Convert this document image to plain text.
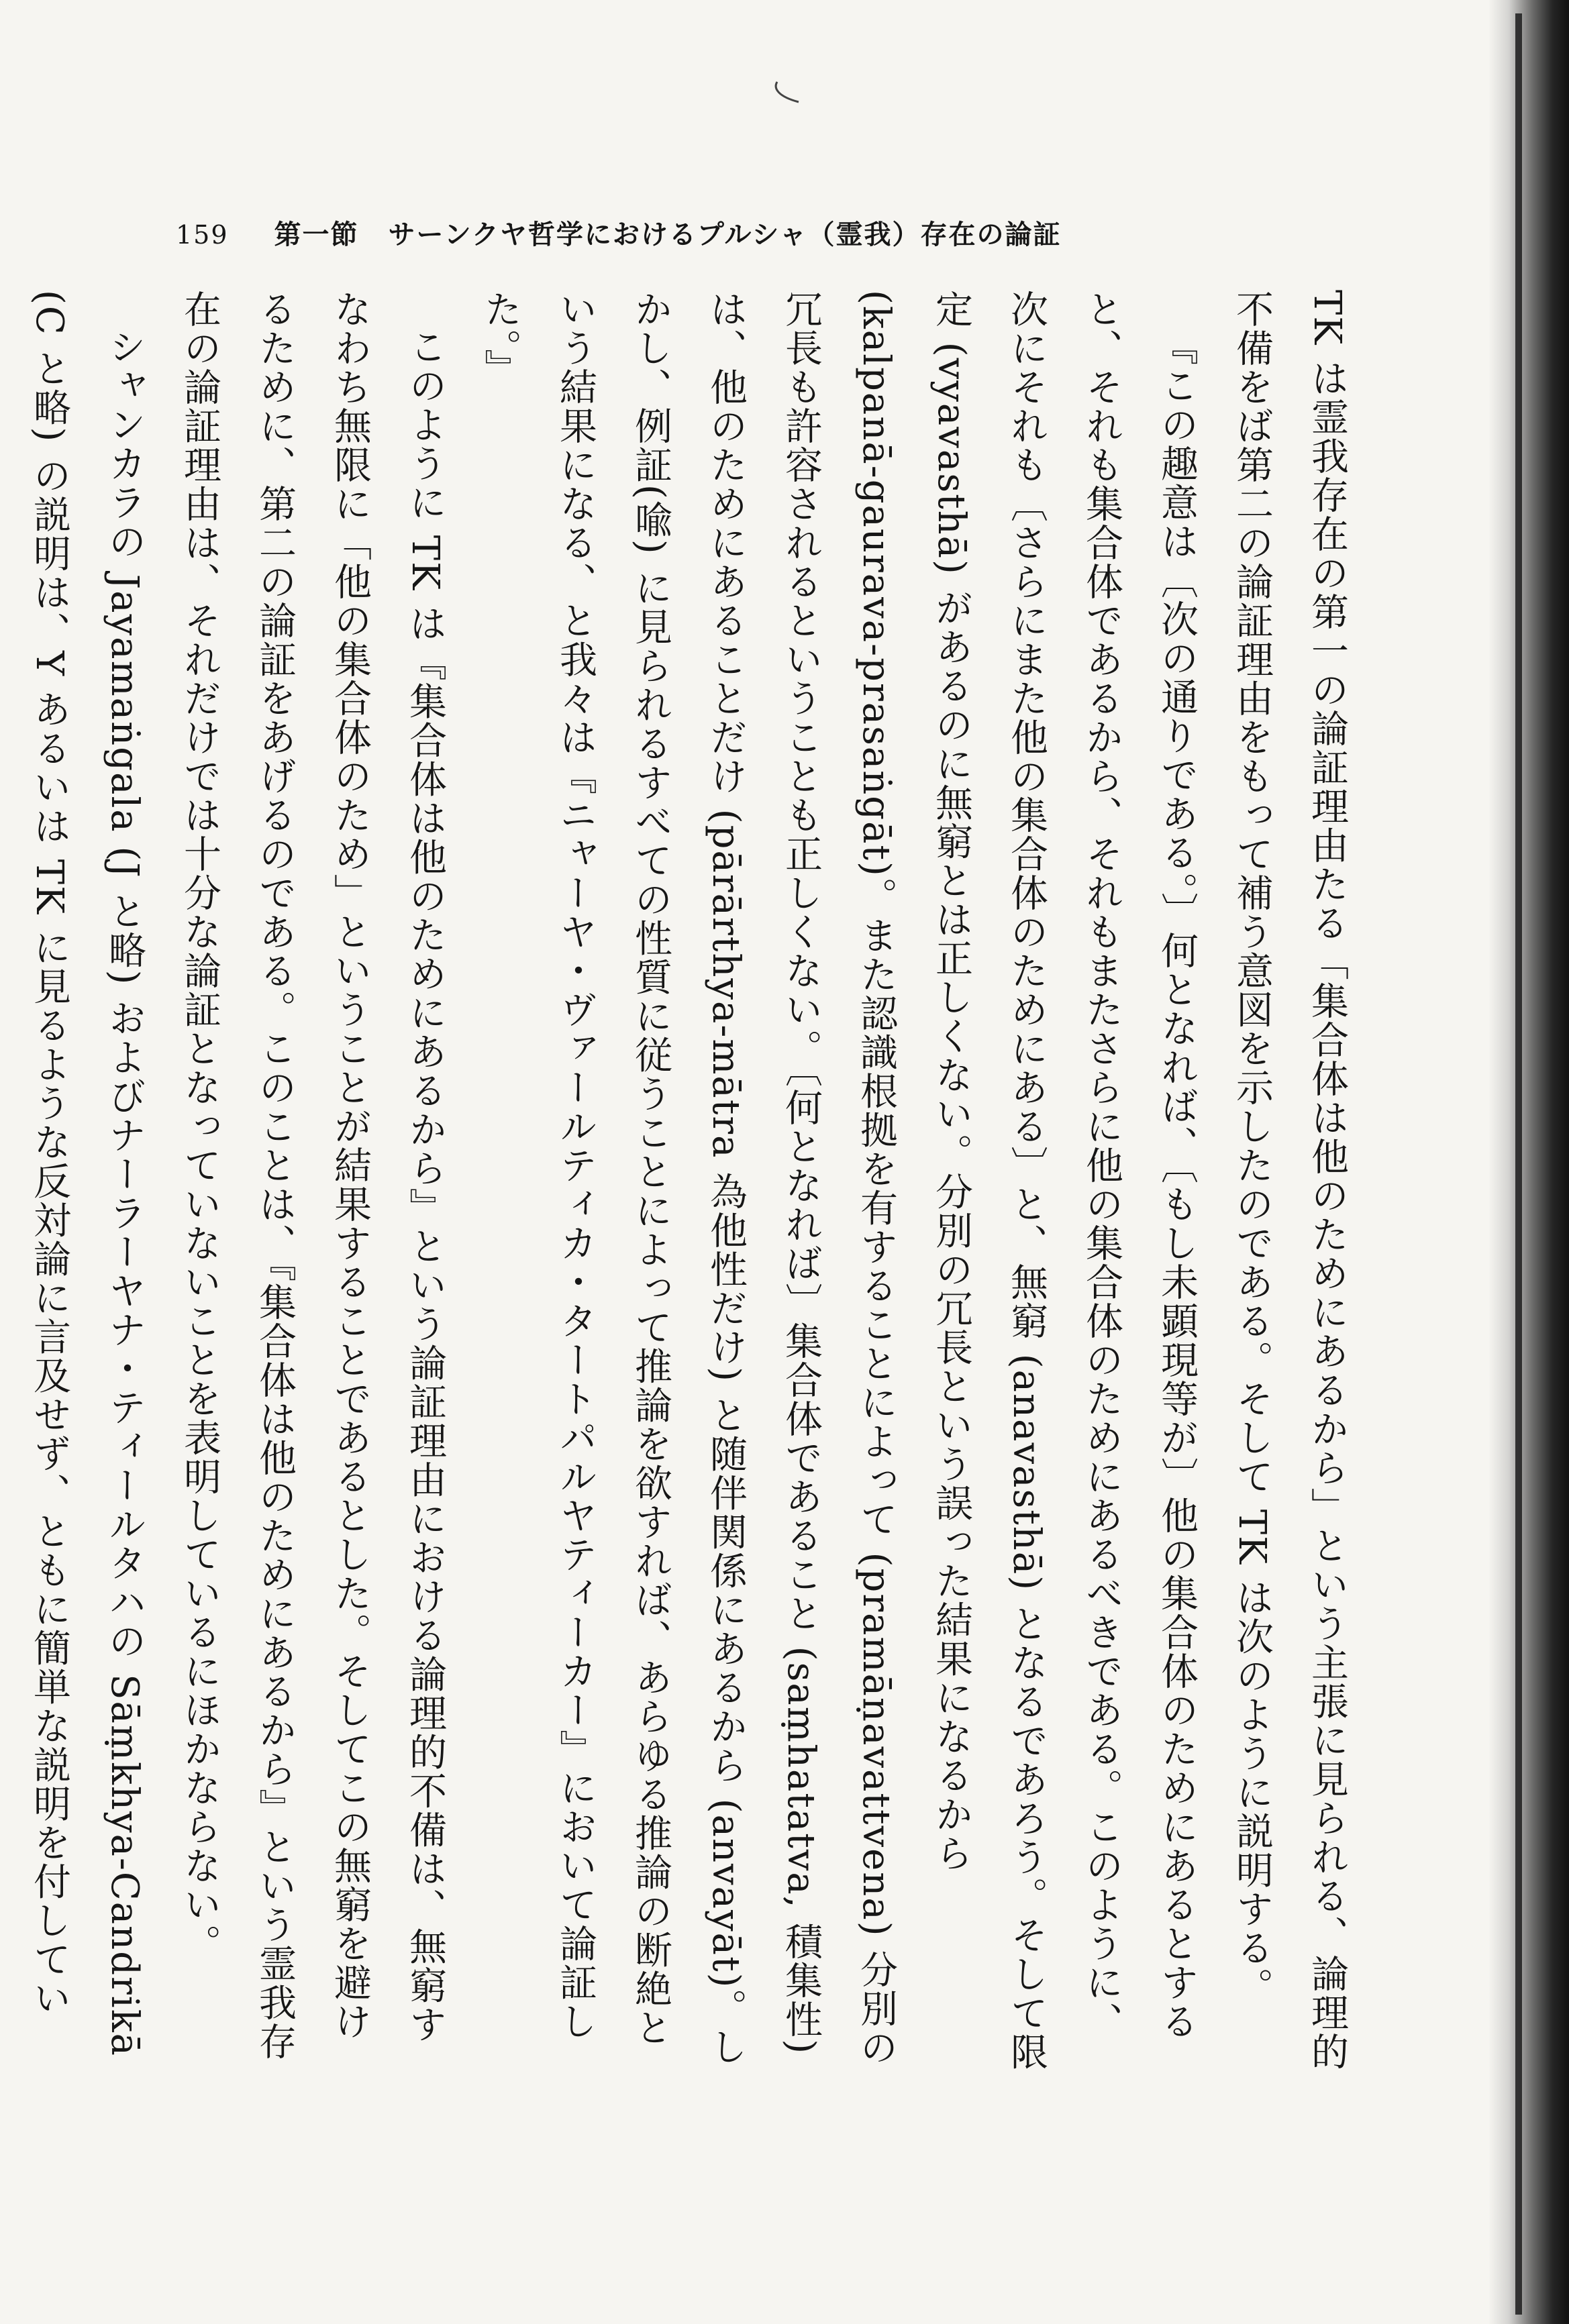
159 第一節 サーンクヤ哲学におけるプルシャ（霊我）存在の論証

TK は霊我存在の第一の論証理由たる「集合体は他のためにあるから」という主張に見られる、論理的不備をば第二の論証理由をもって補う意図を示したのである。そして TK は次のように説明する。

『この趣意は〔次の通りである。〕何となれば、〔もし未顕現等が〕他の集合体のためにあるとすると、それも集合体であるから、それもまたさらに他の集合体のためにあるべきである。このように、次にそれも〔さらにまた他の集合体のためにある〕と、無窮 (anavasthā) となるであろう。そして限定 (vyavasthā) があるのに無窮とは正しくない。分別の冗長という誤った結果になるから (kalpanā-gaurava-prasaṅgāt)。また認識根拠を有することによって (pramāṇavattvena) 分別の冗長も許容されるということも正しくない。〔何となれば〕集合体であること (saṃhatatva, 積集性) は、他のためにあることだけ (pārārthya-mātra 為他性だけ) と随伴関係にあるから (anvayāt)。しかし、例証(喩) に見られるすべての性質に従うことによって推論を欲すれば、あらゆる推論の断絶という結果になる、と我々は『ニャーヤ・ヴァールティカ・タートパルヤティーカー』において論証した。』

このように TK は『集合体は他のためにあるから』という論証理由における論理的不備は、無窮すなわち無限に「他の集合体のため」ということが結果することであるとした。そしてこの無窮を避けるために、第二の論証をあげるのである。このことは、『集合体は他のためにあるから』という霊我存在の論証理由は、それだけでは十分な論証となっていないことを表明しているにほかならない。

シャンカラの Jayamaṅgala (J と略) およびナーラーヤナ・ティールタハの Sāṃkhya-Candrikā (C と略) の説明は、Y あるいは TK に見るような反対論に言及せず、ともに簡単な説明を付してい
